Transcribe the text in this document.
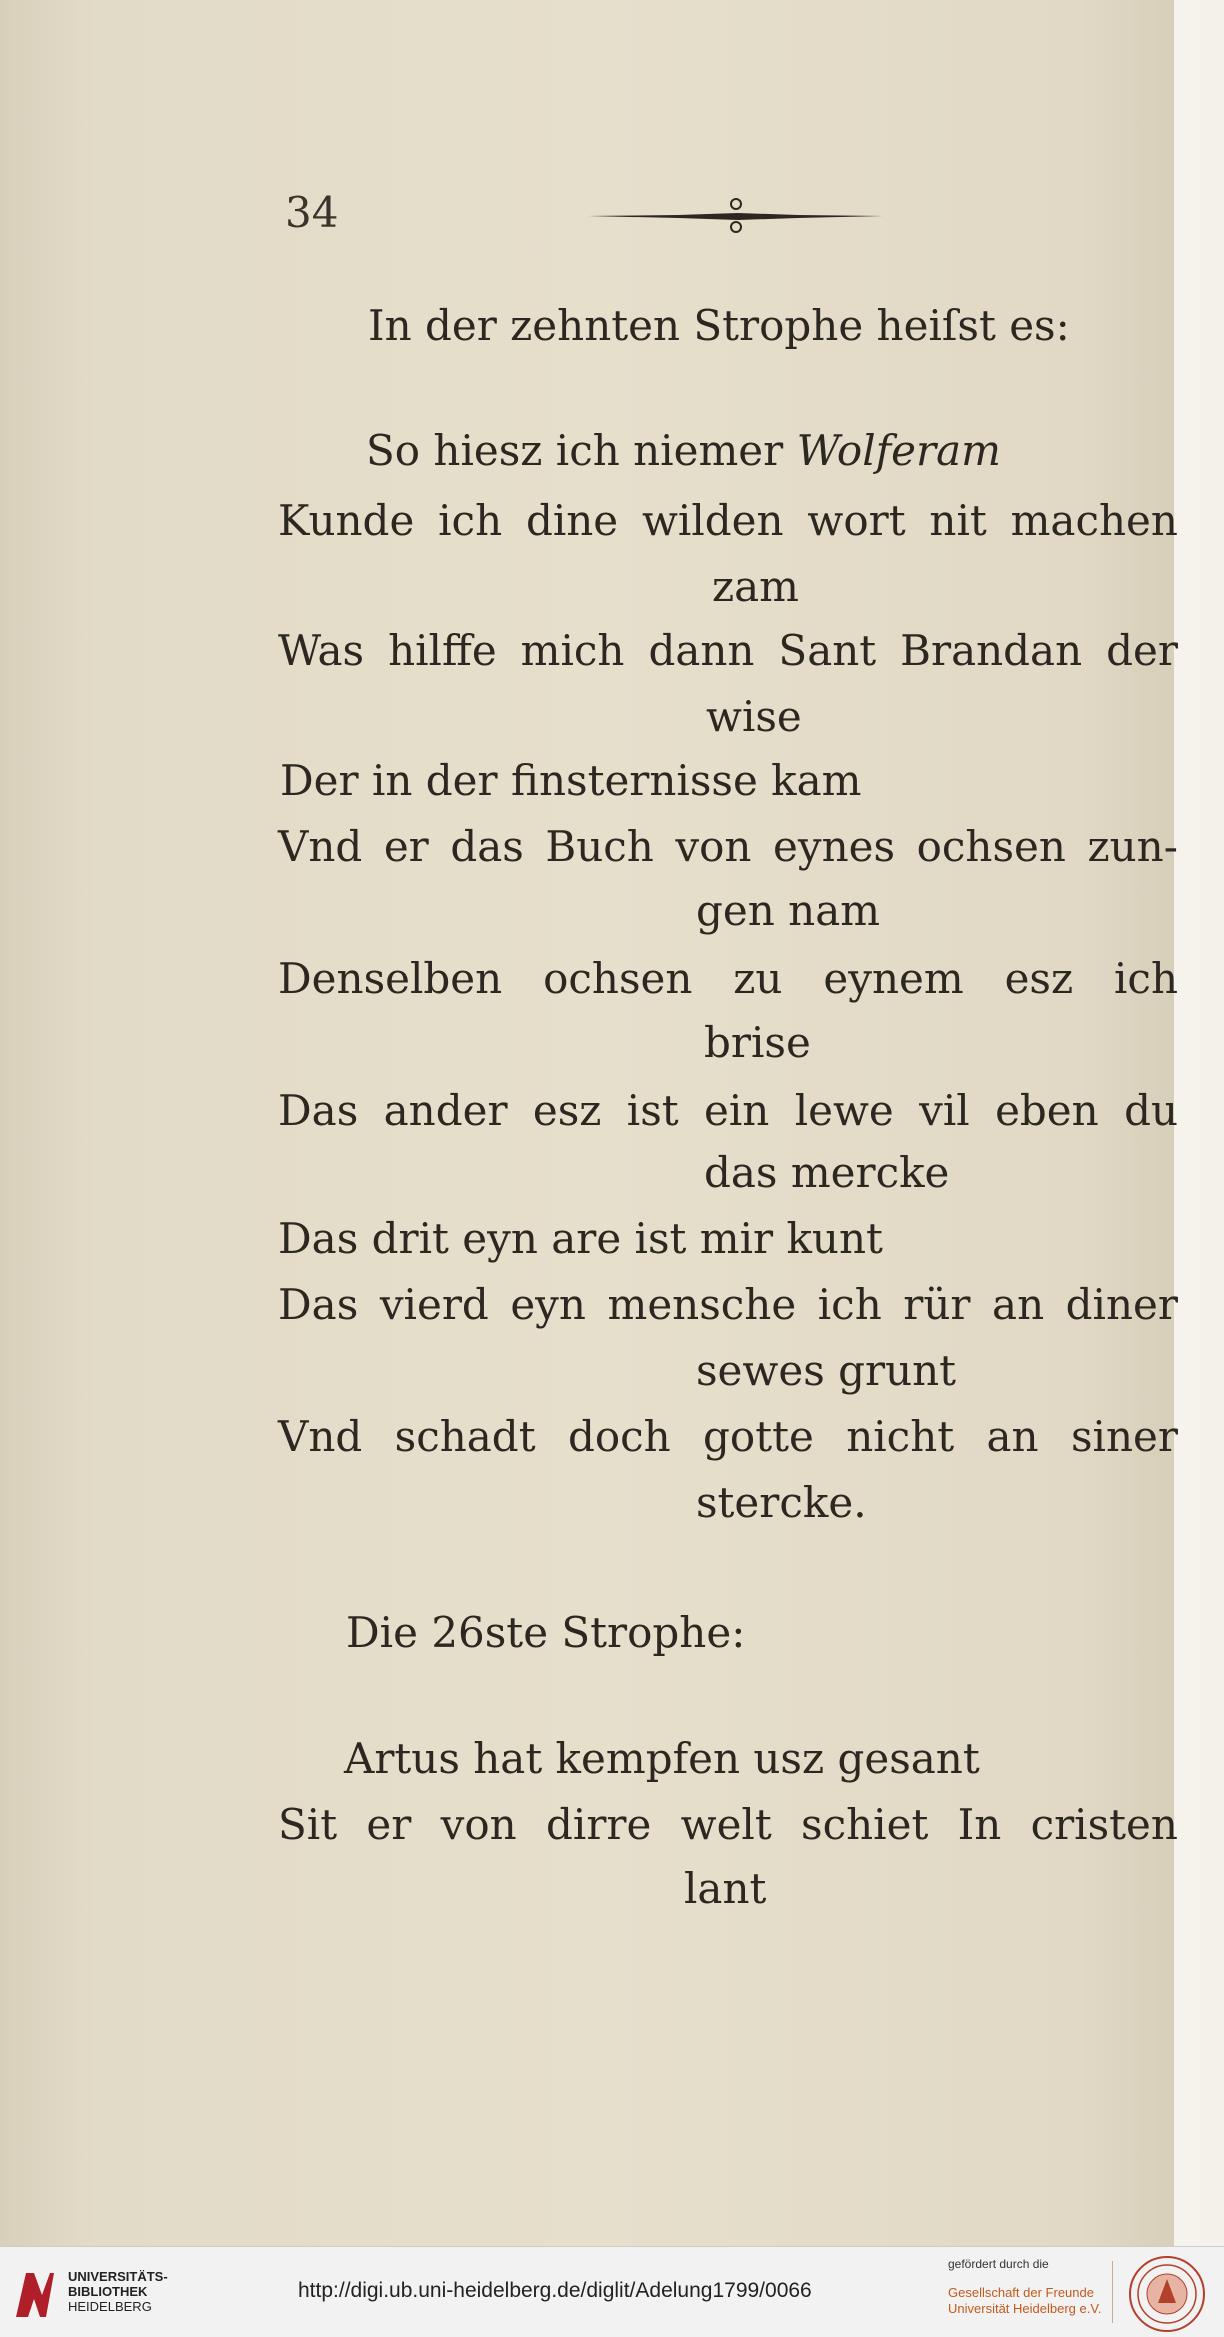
34
In der zehnten Strophe heiſst es:
So hiesz ich niemer Wolferam
Kunde ich dine wilden wort nit machen
zam
Was hilffe mich dann Sant Brandan der
wise
Der in der finsternisse kam
Vnd er das Buch von eynes ochsen zun-
gen nam
Denselben ochsen zu eynem esz ich
brise
Das ander esz ist ein lewe vil eben du
das mercke
Das drit eyn are ist mir kunt
Das vierd eyn mensche ich rür an diner
sewes grunt
Vnd schadt doch gotte nicht an siner
stercke.
Die 26ste Strophe:
Artus hat kempfen usz gesant
Sit er von dirre welt schiet In cristen
lant
UNIVERSITÄTS-
BIBLIOTHEK
HEIDELBERG
http://digi.ub.uni-heidelberg.de/diglit/Adelung1799/0066
gefördert durch die
Gesellschaft der Freunde
Universität Heidelberg e.V.
